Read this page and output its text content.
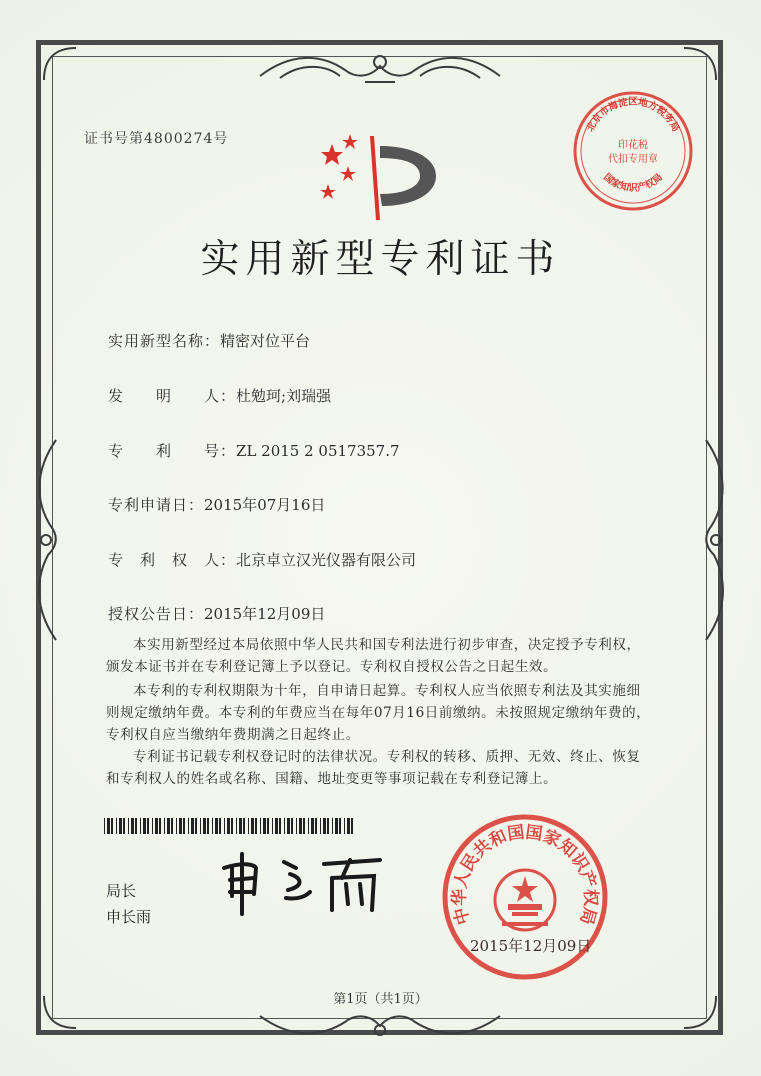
证书号第4800274号
实用新型专利证书
实用新型名称：精密对位平台
发　　明　　人：杜勉珂;刘瑞强
专　　利　　号：ZL 2015 2 0517357.7
专利申请日：2015年07月16日
专　利　权　人：北京卓立汉光仪器有限公司
授权公告日：2015年12月09日

本实用新型经过本局依照中华人民共和国专利法进行初步审查，决定授予专利权，颁发本证书并在专利登记簿上予以登记。专利权自授权公告之日起生效。

本专利的专利权期限为十年，自申请日起算。专利权人应当依照专利法及其实施细则规定缴纳年费。本专利的年费应当在每年07月16日前缴纳。未按照规定缴纳年费的，专利权自应当缴纳年费期满之日起终止。

专利证书记载专利权登记时的法律状况。专利权的转移、质押、无效、终止、恢复和专利权人的姓名或名称、国籍、地址变更等事项记载在专利登记簿上。

局长
申长雨	中华人民共和国国家知识产权局
2015年12月09日
北京市海淀区地方税务局
国家知识产权局
印花税
代扣专用章
第1页（共1页）
